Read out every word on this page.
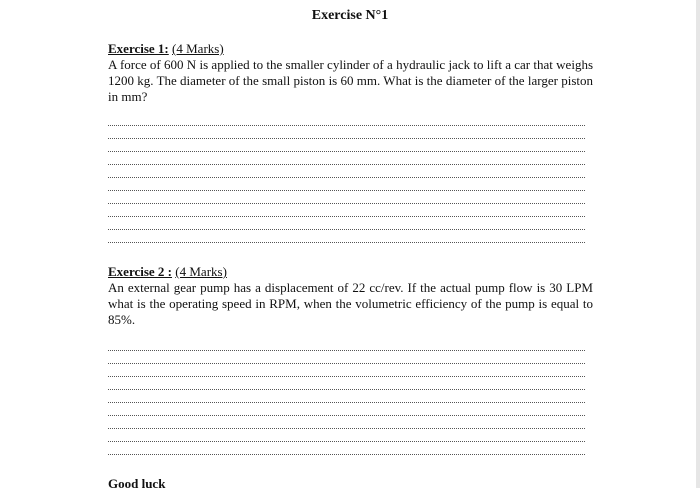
Exercise N°1
Exercise 1: (4 Marks)
A force of 600 N is applied to the smaller cylinder of a hydraulic jack to lift a car that weighs 1200 kg. The diameter of the small piston is 60 mm. What is the diameter of the larger piston in mm?
Exercise 2 : (4 Marks)
An external gear pump has a displacement of 22 cc/rev. If the actual pump flow is 30 LPM what is the operating speed in RPM, when the volumetric efficiency of the pump is equal to 85%.
Good luck
